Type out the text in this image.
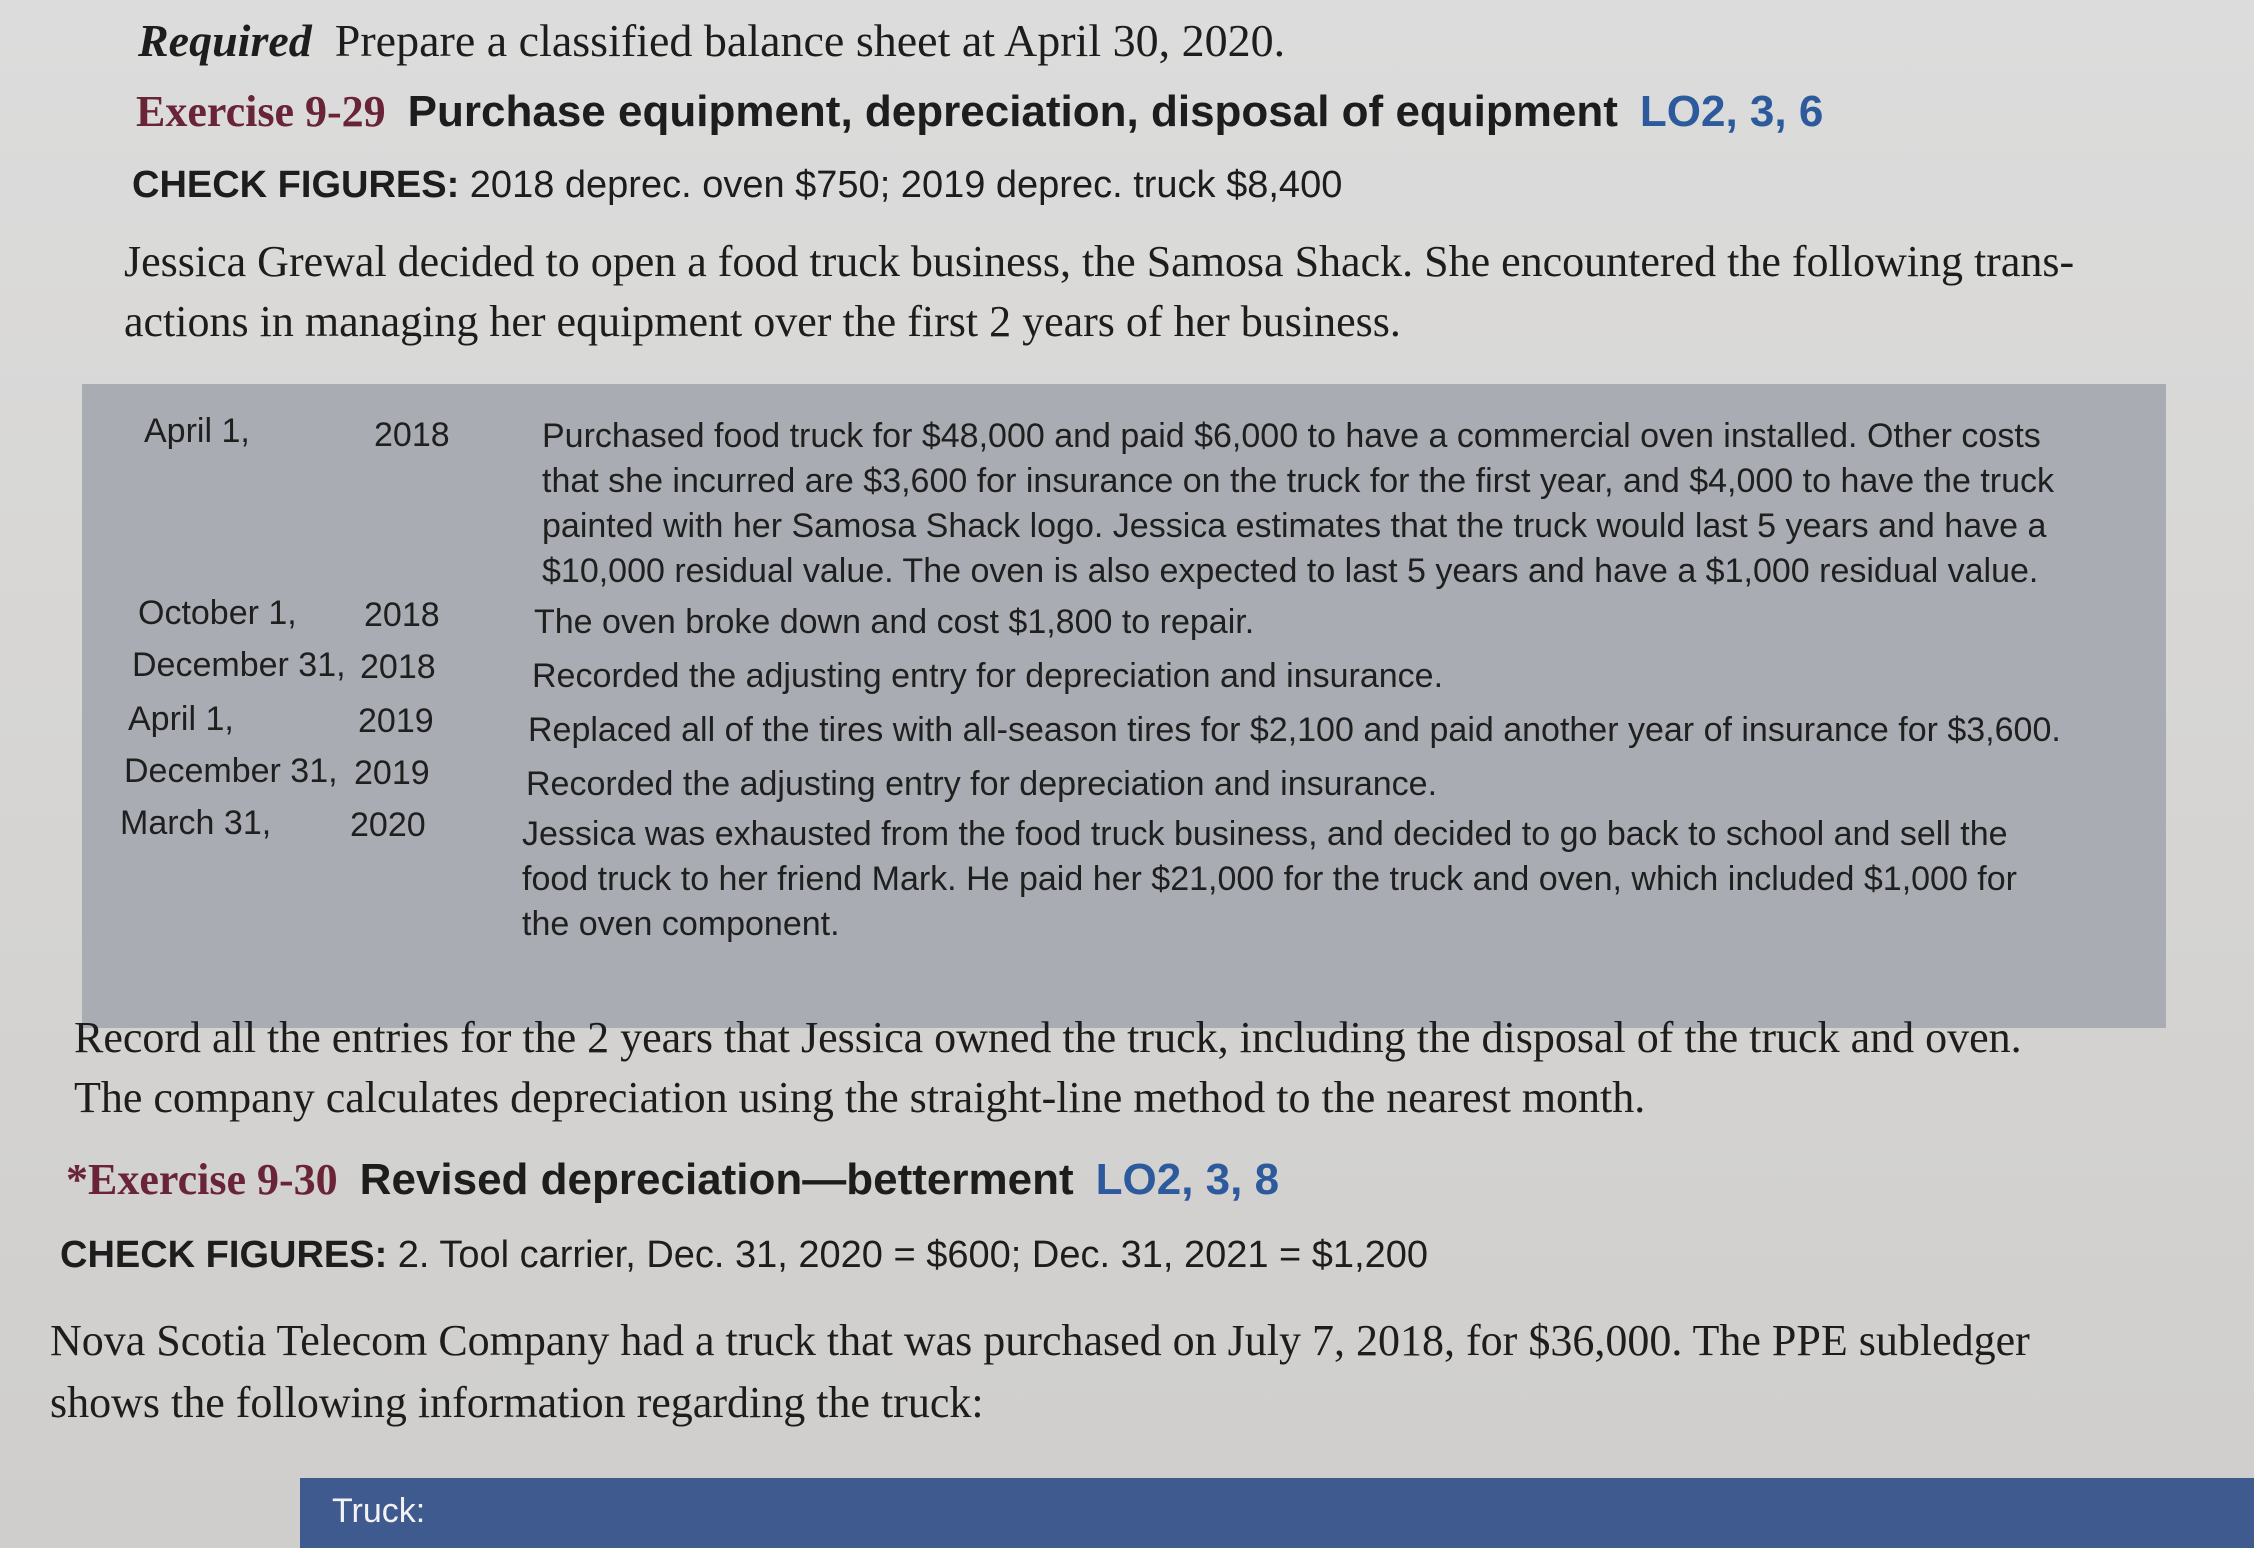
Required Prepare a classified balance sheet at April 30, 2020.
Exercise 9-29 Purchase equipment, depreciation, disposal of equipment LO2, 3, 6
CHECK FIGURES: 2018 deprec. oven $750; 2019 deprec. truck $8,400
Jessica Grewal decided to open a food truck business, the Samosa Shack. She encountered the following trans-
actions in managing her equipment over the first 2 years of her business.
April 1,	2018	Purchased food truck for $48,000 and paid $6,000 to have a commercial oven installed. Other costs
that she incurred are $3,600 for insurance on the truck for the first year, and $4,000 to have the truck
painted with her Samosa Shack logo. Jessica estimates that the truck would last 5 years and have a
$10,000 residual value. The oven is also expected to last 5 years and have a $1,000 residual value.
October 1, 2018	The oven broke down and cost $1,800 to repair.
December 31, 2018	Recorded the adjusting entry for depreciation and insurance.
April 1,	2019	Replaced all of the tires with all-season tires for $2,100 and paid another year of insurance for $3,600.
December 31, 2019	Recorded the adjusting entry for depreciation and insurance.
March 31, 2020	Jessica was exhausted from the food truck business, and decided to go back to school and sell the
food truck to her friend Mark. He paid her $21,000 for the truck and oven, which included $1,000 for
the oven component.
Record all the entries for the 2 years that Jessica owned the truck, including the disposal of the truck and oven.
The company calculates depreciation using the straight-line method to the nearest month.
*Exercise 9-30 Revised depreciation—betterment LO2, 3, 8
CHECK FIGURES: 2. Tool carrier, Dec. 31, 2020 = $600; Dec. 31, 2021 = $1,200
Nova Scotia Telecom Company had a truck that was purchased on July 7, 2018, for $36,000. The PPE subledger
shows the following information regarding the truck:
Truck:
